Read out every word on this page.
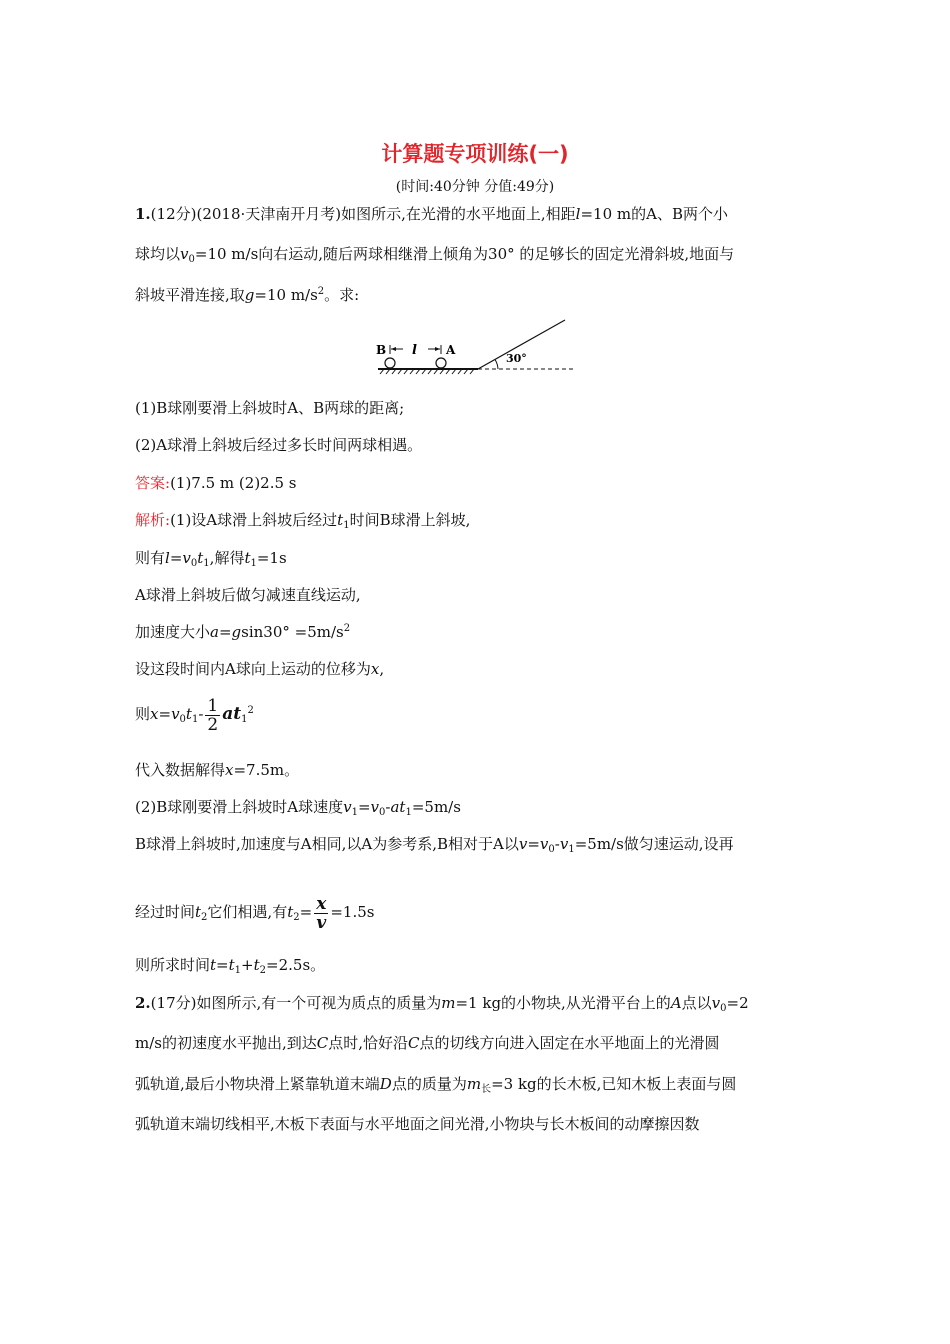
计算题专项训练(一)
(时间:40分钟 分值:49分)
1.(12分)(2018·天津南开月考)如图所示,在光滑的水平地面上,相距l=10 m的A、B两个小
球均以$v_0=10$ m/s向右运动,随后两球相继滑上倾角为30° 的足够长的固定光滑斜坡,地面与
斜坡平滑连接,取g=10 $m/s^2$。求:
B l A
30°
(1)B球刚要滑上斜坡时A、B两球的距离;
(2)A球滑上斜坡后经过多长时间两球相遇。
答案:(1)7.5 m (2)2.5 s
解析:(1)设A球滑上斜坡后经过$t_1$时间B球滑上斜坡,
则有$l=v_0t_1$,解得$t_1=1s$
A球滑上斜坡后做匀减速直线运动,
加速度大小$a=gsin30^\circ =5m/s^2$
设这段时间内A球向上运动的位移为x,
则$x=v_0t_1- \frac{1}{2} at_1^2$
代入数据解得x=7.5m。
(2)B球刚要滑上斜坡时A球速度$v_1=v_0-at_1=5m/s$
B球滑上斜坡时,加速度与A相同,以A为参考系,B相对于A以$v=v_0-v_1=5m/s$做匀速运动,设再
经过时间$t_2$它们相遇,有$t_2= \frac{x}{v} =1.5s$
则所求时间$t=t_1+t_2=2.5s$。
2.(17分)如图所示,有一个可视为质点的质量为m=1 kg的小物块,从光滑平台上的A点以$v_0=2$
m/s的初速度水平抛出,到达C点时,恰好沿C点的切线方向进入固定在水平地面上的光滑圆
弧轨道,最后小物块滑上紧靠轨道末端D点的质量为$m_长=3$ kg的长木板,已知木板上表面与圆
弧轨道末端切线相平,木板下表面与水平地面之间光滑,小物块与长木板间的动摩擦因数
